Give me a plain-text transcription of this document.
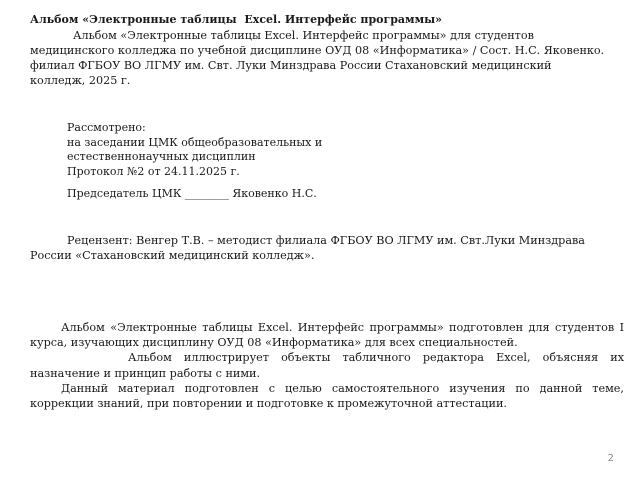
Альбом «Электронные таблицы  Excel. Интерфейс программы»
Альбом «Электронные таблицы Excel. Интерфейс программы» для студентов медицинского колледжа по учебной дисциплине ОУД 08 «Информатика» / Сост. Н.С. Яковенко. филиал ФГБОУ ВО ЛГМУ им. Свт. Луки Минздрава России Стахановский медицинский колледж, 2025 г.
Рассмотрено:
на заседании ЦМК общеобразовательных и
естественнонаучных дисциплин
Протокол №2 от 24.11.2025 г.
Председатель ЦМК ________ Яковенко Н.С.
Рецензент: Венгер Т.В. – методист филиала ФГБОУ ВО ЛГМУ им. Свт.Луки Минздрава России «Стахановский медицинский колледж».

Альбом «Электронные таблицы Excel. Интерфейс программы» подготовлен для студентов I курса, изучающих дисциплину ОУД 08 «Информатика» для всех специальностей.

Альбом иллюстрирует объекты табличного редактора Excel, объясняя их назначение и принцип работы с ними.

Данный материал подготовлен с целью самостоятельного изучения по данной теме, коррекции знаний, при повторении и подготовке к промежуточной аттестации.

2
